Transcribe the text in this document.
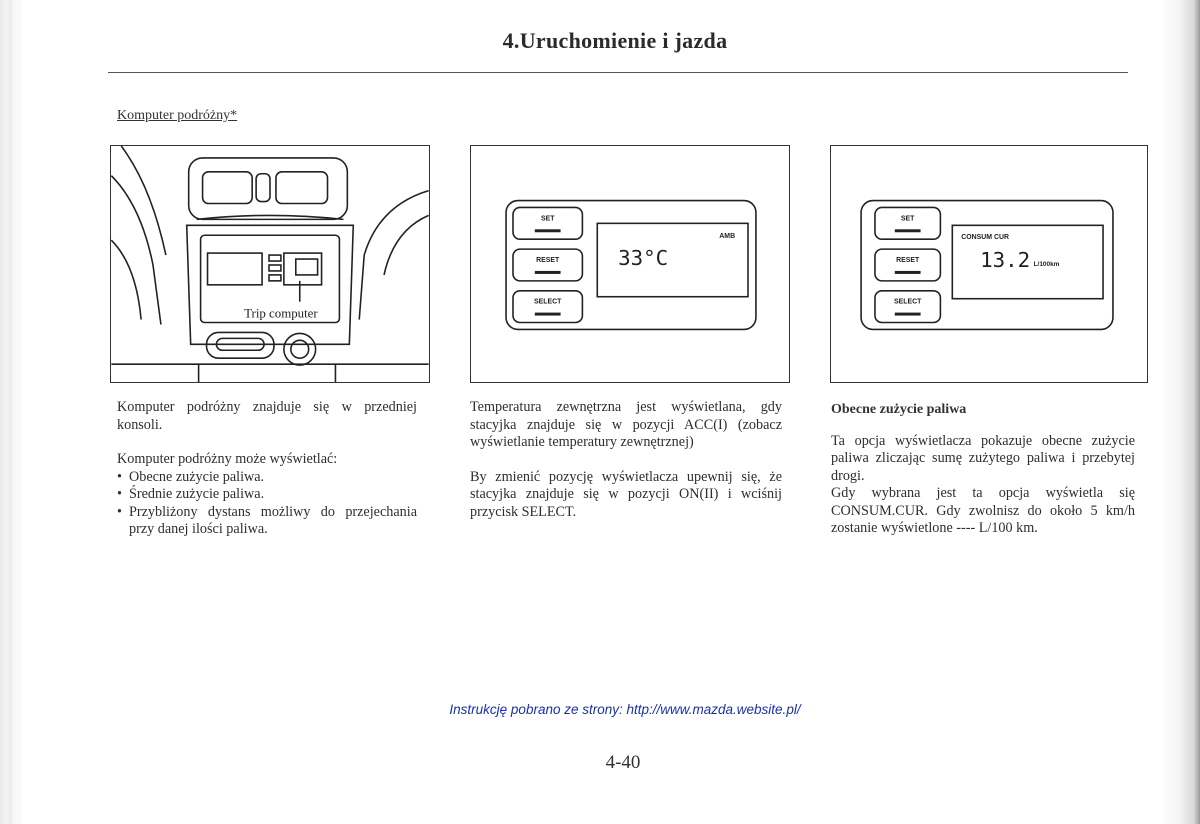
4.Uruchomienie i jazda
Komputer podróżny*
Trip computer
SET
RESET
SELECT
AMB
33°C
SET
RESET
SELECT
CONSUM CUR
13.2 L/100km

Komputer podróżny znajduje się w przedniej konsoli.

Komputer podróżny może wyświetlać:

• Obecne zużycie paliwa.
• Średnie zużycie paliwa.
• Przybliżony dystans możliwy do przejechania przy danej ilości paliwa.

Temperatura zewnętrzna jest wyświetlana, gdy stacyjka znajduje się w pozycji ACC(I) (zobacz wyświetlanie temperatury zewnętrznej)

By zmienić pozycję wyświetlacza upewnij się, że stacyjka znajduje się w pozycji ON(II) i wciśnij przycisk SELECT.

Obecne zużycie paliwa

Ta opcja wyświetlacza pokazuje obecne zużycie paliwa zliczając sumę zużytego paliwa i przebytej drogi.

Gdy wybrana jest ta opcja wyświetla się CONSUM.CUR. Gdy zwolnisz do około 5 km/h zostanie wyświetlone ---- L/100 km.

Instrukcję pobrano ze strony: http://www.mazda.website.pl/
4-40
